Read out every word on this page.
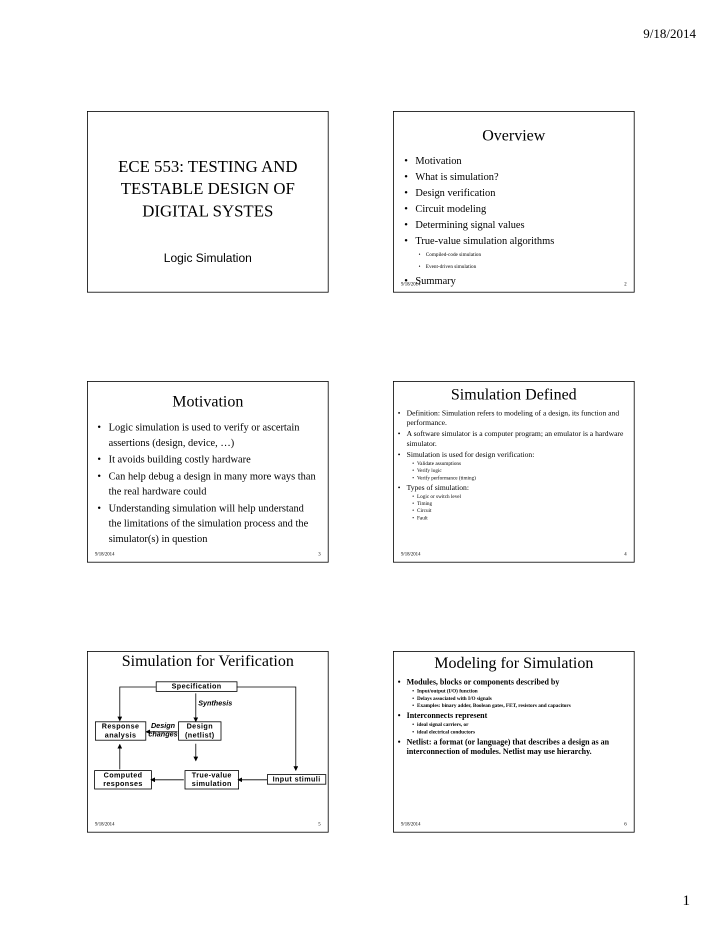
9/18/2014
ECE 553: TESTING AND
TESTABLE DESIGN OF
DIGITAL SYSTES
Logic Simulation
Overview
• Motivation
• What is simulation?
• Design verification
• Circuit modeling
• Determining signal values
• True-value simulation algorithms
• Compiled-code simulation
• Event-driven simulation
• Summary
9/18/2014	2
Motivation
• Logic simulation is used to verify or ascertain assertions (design, device, …)
• It avoids building costly hardware
• Can help debug a design in many more ways than the real hardware could
• Understanding simulation will help understand the limitations of the simulation process and the simulator(s) in question
9/18/2014	3
Simulation Defined
• Definition: Simulation refers to modeling of a design, its function and performance.
• A software simulator is a computer program; an emulator is a hardware simulator.
• Simulation is used for design verification:
• Validate assumptions
• Verify logic
• Verify performance (timing)
• Types of simulation:
• Logic or switch level
• Timing
• Circuit
• Fault
9/18/2014	4
Simulation for Verification
Specification
Synthesis
Response
analysis
Design
changes
Design
(netlist)
Computed
responses
True-value
simulation
Input stimuli
9/18/2014	5
Modeling for Simulation
• Modules, blocks or components described by
• Input/output (I/O) function
• Delays associated with I/O signals
• Examples: binary adder, Boolean gates, FET, resistors and capacitors
• Interconnects represent
• ideal signal carriers, or
• ideal electrical conductors
• Netlist: a format (or language) that describes a design as an interconnection of modules. Netlist may use hierarchy.
9/18/2014	6
1
